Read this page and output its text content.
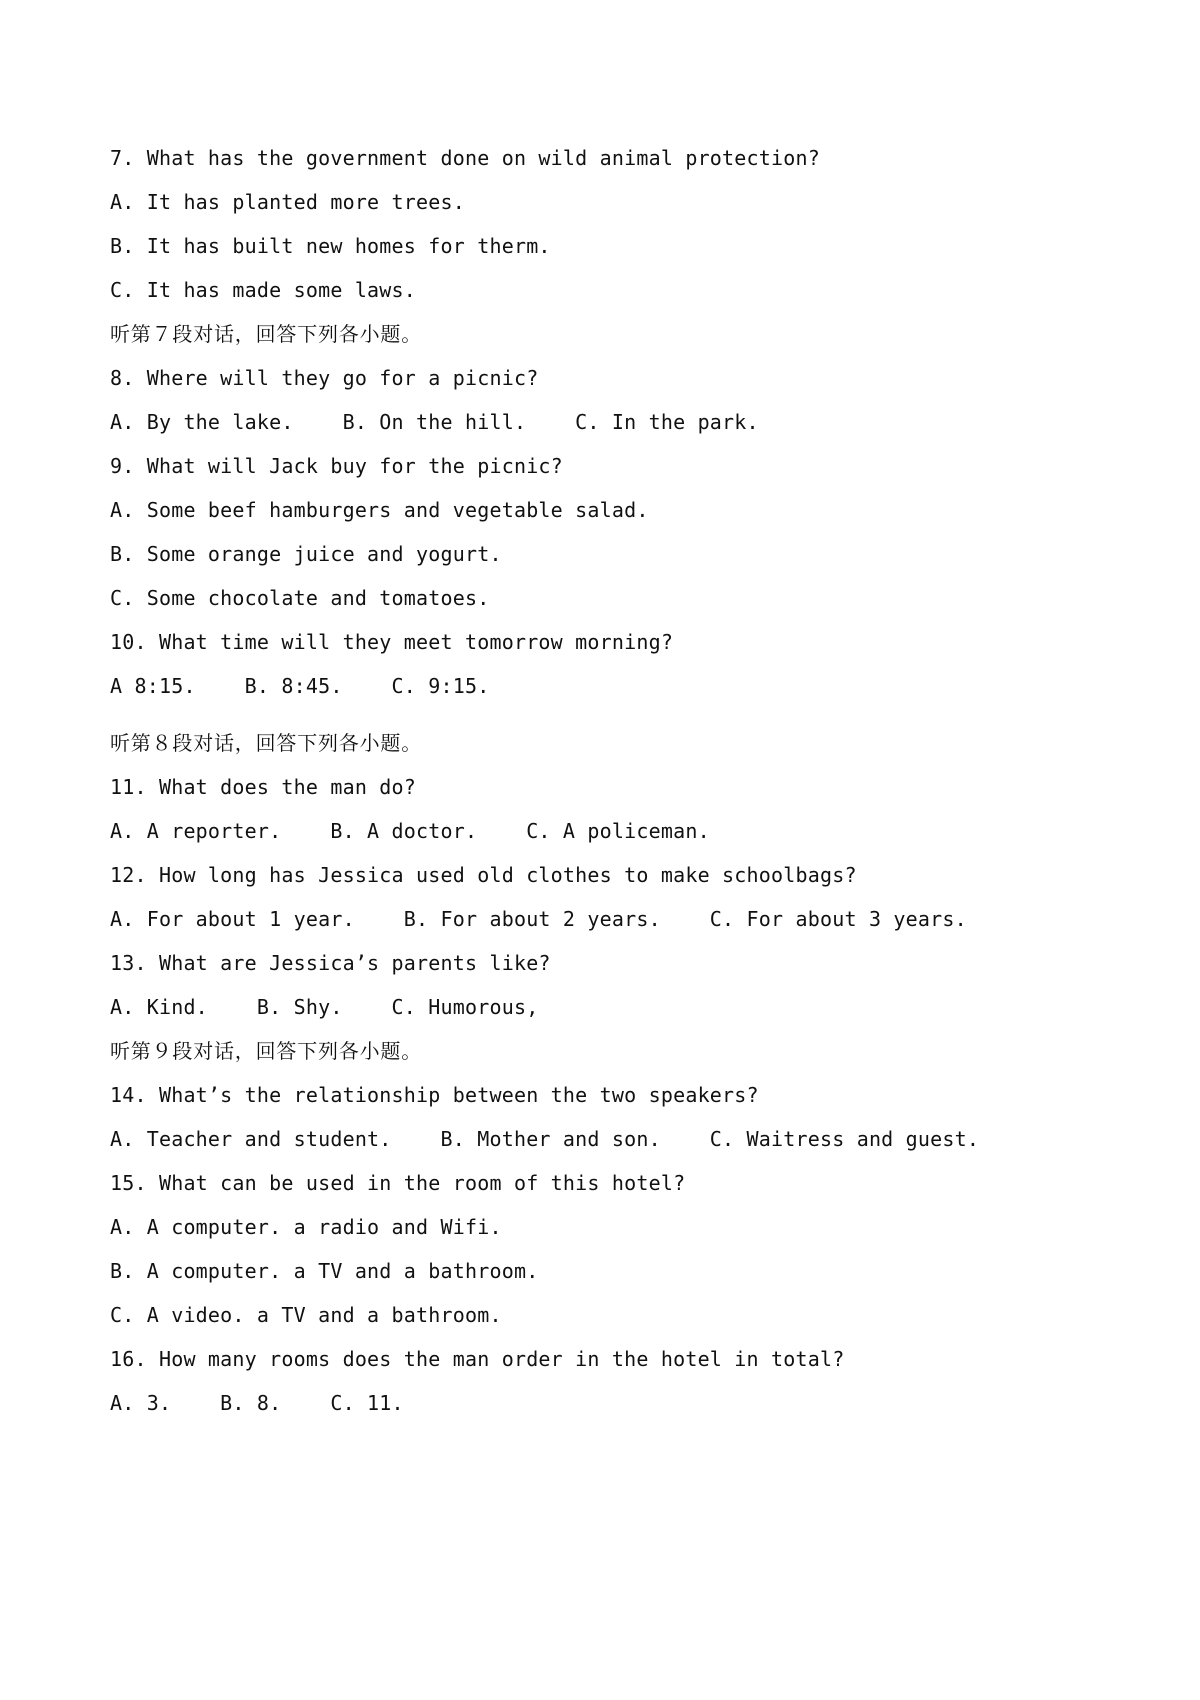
7. What has the government done on wild animal protection?

A. It has planted more trees.

B. It has built new homes for therm.

C. It has made some laws.

听第７段对话，回答下列各小题。

8. Where will they go for a picnic?

A. By the lake.    B. On the hill.    C. In the park.

9. What will Jack buy for the picnic?

A. Some beef hamburgers and vegetable salad.

B. Some orange juice and yogurt.

C. Some chocolate and tomatoes.

10. What time will they meet tomorrow morning?

A 8:15.    B. 8:45.    C. 9:15.

听第８段对话，回答下列各小题。

11. What does the man do?

A. A reporter.    B. A doctor.    C. A policeman.

12. How long has Jessica used old clothes to make schoolbags?

A. For about 1 year.    B. For about 2 years.    C. For about 3 years.

13. What are Jessica’s parents like?

A. Kind.    B. Shy.    C. Humorous,

听第９段对话，回答下列各小题。

14. What’s the relationship between the two speakers?

A. Teacher and student.    B. Mother and son.    C. Waitress and guest.

15. What can be used in the room of this hotel?

A. A computer. a radio and Wifi.

B. A computer. a TV and a bathroom.

C. A video. a TV and a bathroom.

16. How many rooms does the man order in the hotel in total?

A. 3.    B. 8.    C. 11.
